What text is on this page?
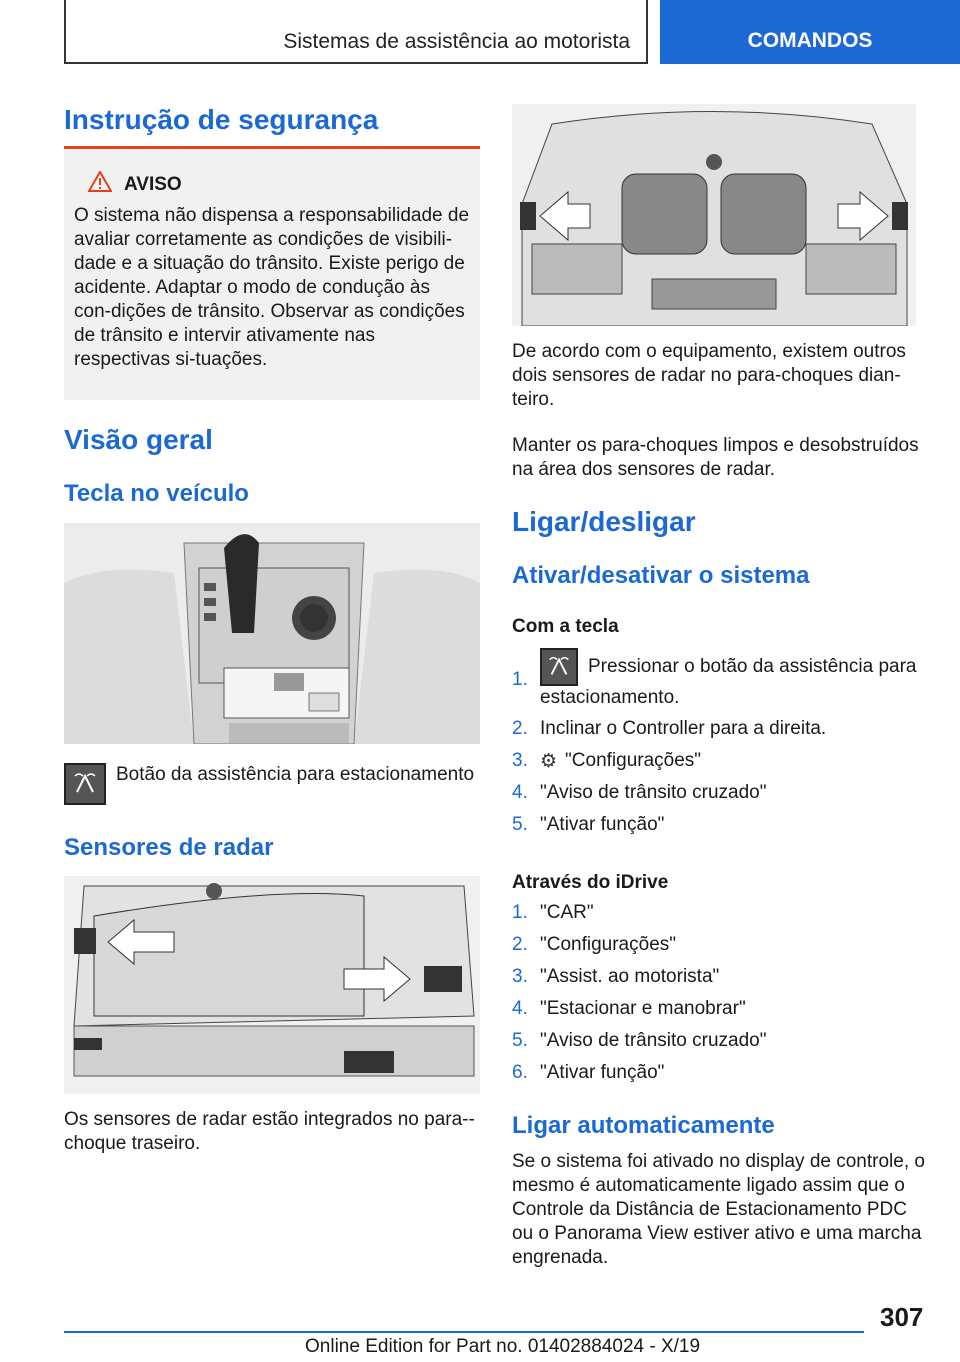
Sistemas de assistência ao motorista	COMANDOS
Instrução de segurança
AVISO
O sistema não dispensa a responsabilidade de avaliar corretamente as condições de visibili-dade e a situação do trânsito. Existe perigo de acidente. Adaptar o modo de condução às con-dições de trânsito. Observar as condições de trânsito e intervir ativamente nas respectivas si-tuações.
Visão geral
Tecla no veículo
Botão da assistência para estacionamento
Sensores de radar
Os sensores de radar estão integrados no para--choque traseiro.
De acordo com o equipamento, existem outros dois sensores de radar no para-choques dian-teiro.
Manter os para-choques limpos e desobstruídos na área dos sensores de radar.
Ligar/desligar
Ativar/desativar o sistema
Com a tecla
1.
Pressionar o botão da assistência para estacionamento.
2. Inclinar o Controller para a direita.
3. ⚙ "Configurações"
4. "Aviso de trânsito cruzado"
5. "Ativar função"
Através do iDrive
1. "CAR"
2. "Configurações"
3. "Assist. ao motorista"
4. "Estacionar e manobrar"
5. "Aviso de trânsito cruzado"
6. "Ativar função"
Ligar automaticamente
Se o sistema foi ativado no display de controle, o mesmo é automaticamente ligado assim que o Controle da Distância de Estacionamento PDC ou o Panorama View estiver ativo e uma marcha engrenada.
307
Online Edition for Part no. 01402884024 - X/19
